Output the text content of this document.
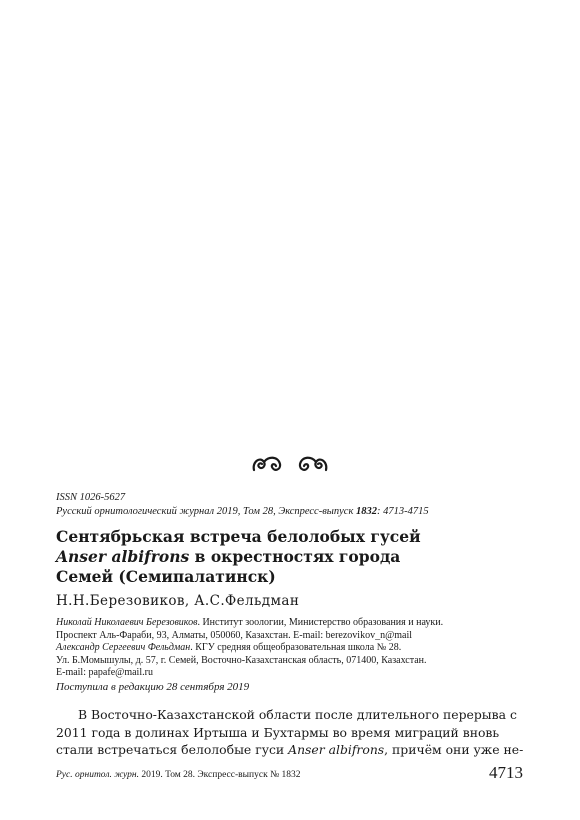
ISSN 1026-5627
Русский орнитологический журнал 2019, Том 28, Экспресс-выпуск 1832: 4713-4715
Сентябрьская встреча белолобых гусей
Anser albifrons в окрестностях города
Семей (Семипалатинск)
Н.Н.Березовиков, А.С.Фельдман
Николай Николаевич Березовиков. Институт зоологии, Министерство образования и науки.
Проспект Аль-Фараби, 93, Алматы, 050060, Казахстан. E-mail: berezovikov_n@mail
Александр Сергеевич Фельдман. КГУ средняя общеобразовательная школа № 28.
Ул. Б.Момышулы, д. 57, г. Семей, Восточно-Казахстанская область, 071400, Казахстан.
E-mail: papafe@mail.ru
Поступила в редакцию 28 сентября 2019
В Восточно-Казахстанской области после длительного перерыва с
2011 года в долинах Иртыша и Бухтармы во время миграций вновь
стали встречаться белолобые гуси Anser albifrons, причём они уже не-
Рус. орнитол. журн. 2019. Том 28. Экспресс-выпуск № 1832	4713
